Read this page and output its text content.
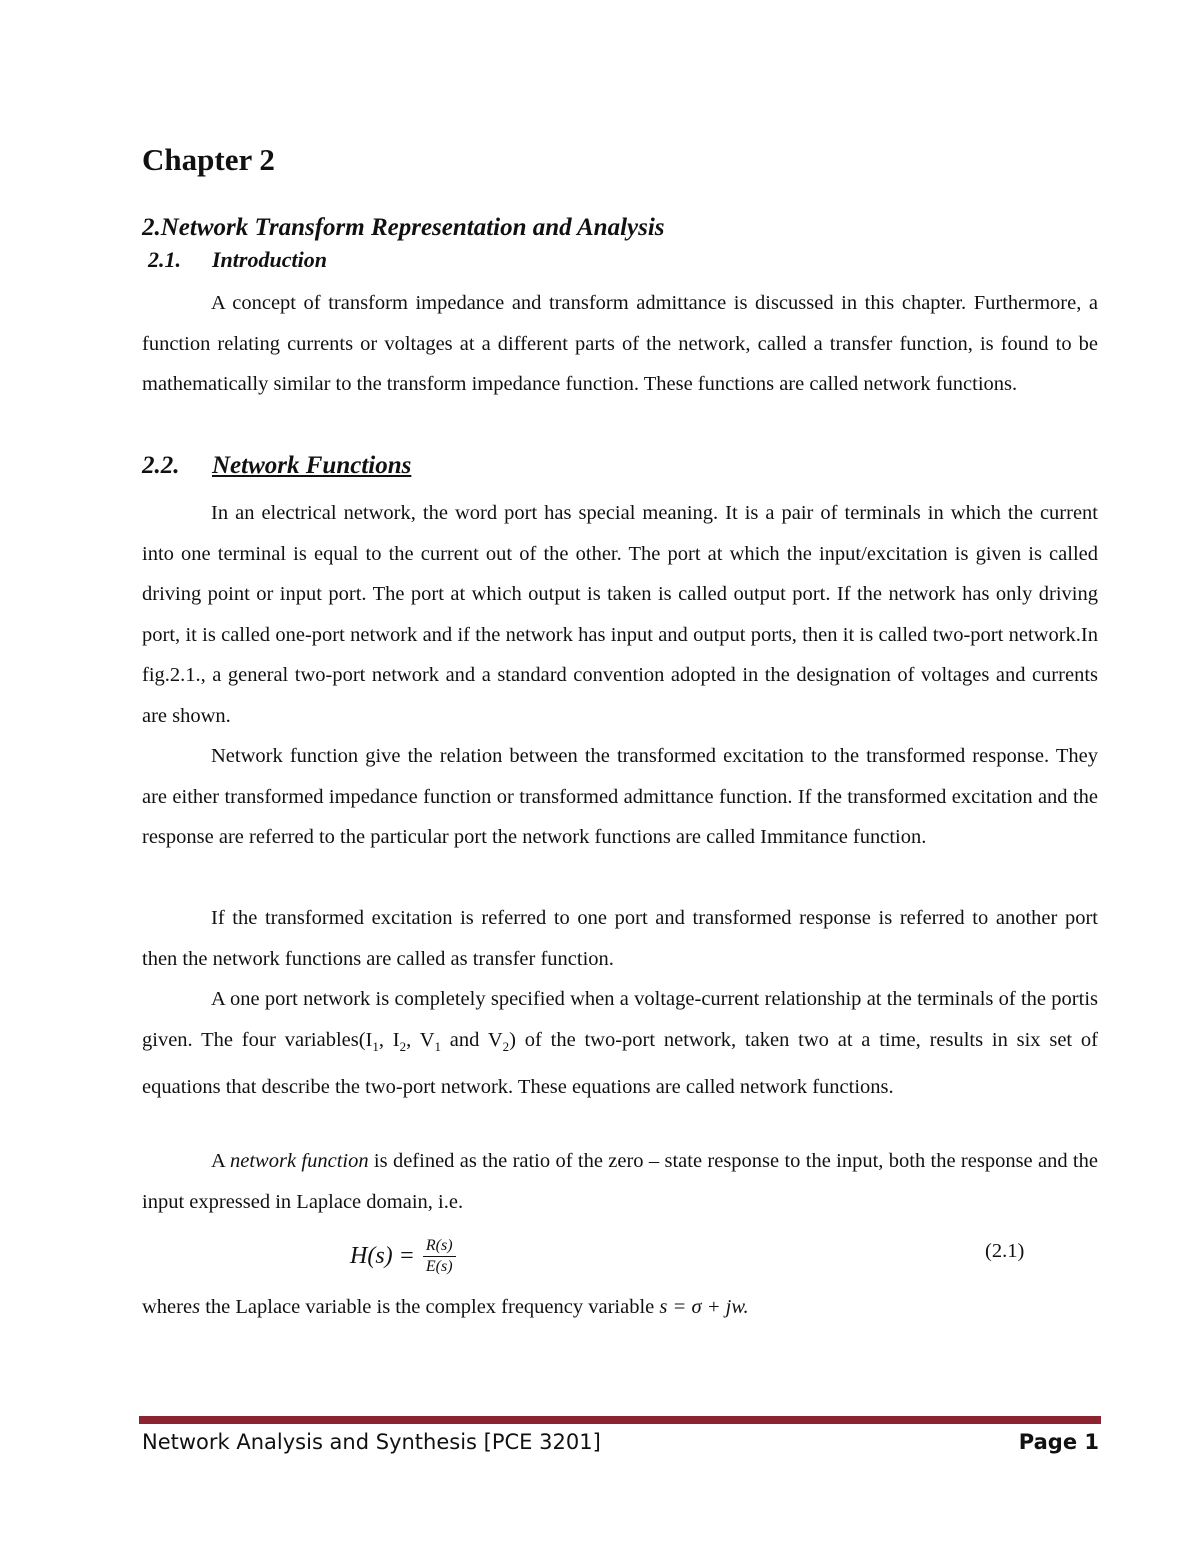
Chapter 2
2.Network Transform Representation and Analysis
2.1. Introduction

A concept of transform impedance and transform admittance is discussed in this chapter. Furthermore, a function relating currents or voltages at a different parts of the network, called a transfer function, is found to be mathematically similar to the transform impedance function. These functions are called network functions.

2.2. Network Functions

In an electrical network, the word port has special meaning. It is a pair of terminals in which the current into one terminal is equal to the current out of the other. The port at which the input/excitation is given is called driving point or input port. The port at which output is taken is called output port. If the network has only driving port, it is called one-port network and if the network has input and output ports, then it is called two-port network.In fig.2.1., a general two-port network and a standard convention adopted in the designation of voltages and currents are shown.

Network function give the relation between the transformed excitation to the transformed response. They are either transformed impedance function or transformed admittance function. If the transformed excitation and the response are referred to the particular port the network functions are called Immitance function.

If the transformed excitation is referred to one port and transformed response is referred to another port then the network functions are called as transfer function.

A one port network is completely specified when a voltage-current relationship at the terminals of the portis given. The four $variables(I_1$, $I_2$, $V_1$ and $V_2$) of the two-port network, taken two at a time, results in six set of equations that describe the two-port network. These equations are called network functions.

A network function is defined as the ratio of the zero – state response to the input, both the response and the input expressed in Laplace domain, i.e.

$H(s) = \frac{R(s)}{E(s)}$	(2.1)
wheres the Laplace variable is the complex frequency variable s = σ + jw.
Network Analysis and Synthesis [PCE 3201]	Page 1
